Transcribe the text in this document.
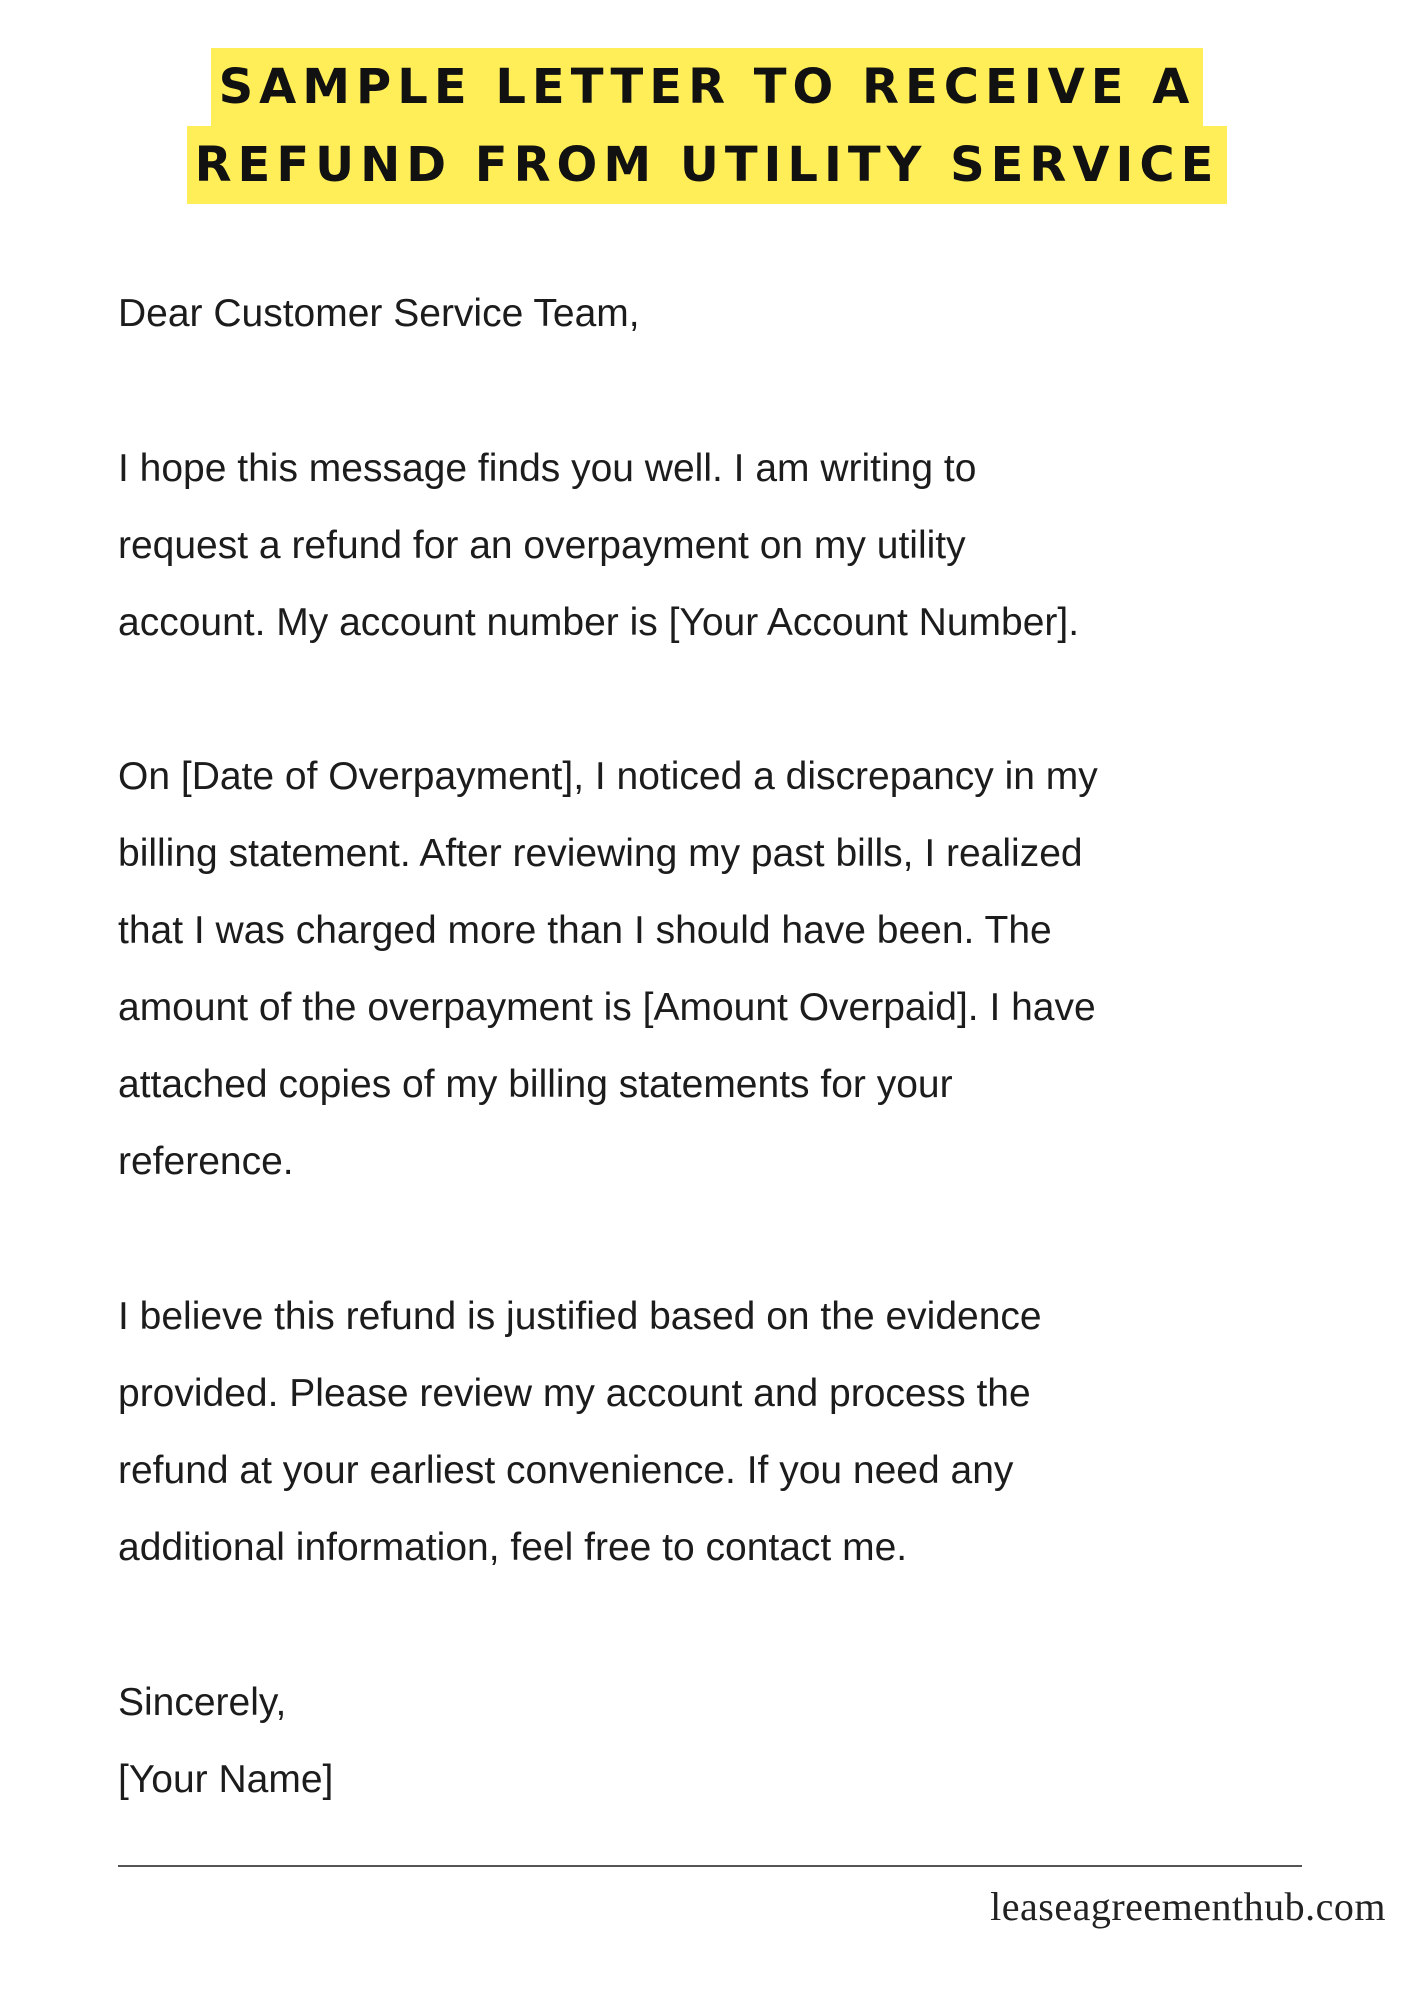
SAMPLE LETTER TO RECEIVE A
REFUND FROM UTILITY SERVICE

Dear Customer Service Team,

I hope this message finds you well. I am writing to
request a refund for an overpayment on my utility
account. My account number is [Your Account Number].

On [Date of Overpayment], I noticed a discrepancy in my
billing statement. After reviewing my past bills, I realized
that I was charged more than I should have been. The
amount of the overpayment is [Amount Overpaid]. I have
attached copies of my billing statements for your
reference.

I believe this refund is justified based on the evidence
provided. Please review my account and process the
refund at your earliest convenience. If you need any
additional information, feel free to contact me.

Sincerely,
[Your Name]

leaseagreementhub.com
